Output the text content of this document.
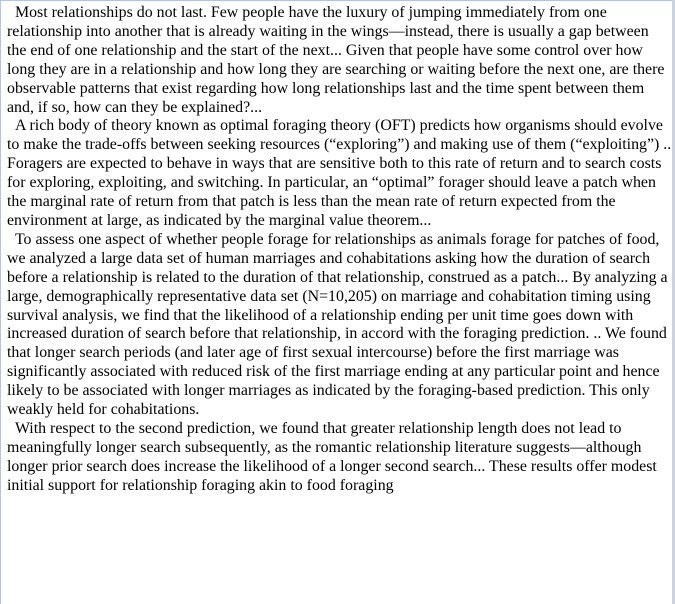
Most relationships do not last. Few people have the luxury of jumping immediately from one relationship into another that is already waiting in the wings—instead, there is usually a gap between the end of one relationship and the start of the next... Given that people have some control over how long they are in a relationship and how long they are searching or waiting before the next one, are there observable patterns that exist regarding how long relationships last and the time spent between them and, if so, how can they be explained?...

A rich body of theory known as optimal foraging theory (OFT) predicts how organisms should evolve to make the trade-offs between seeking resources (“exploring”) and making use of them (“exploiting”) .. Foragers are expected to behave in ways that are sensitive both to this rate of return and to search costs for exploring, exploiting, and switching. In particular, an “optimal” forager should leave a patch when the marginal rate of return from that patch is less than the mean rate of return expected from the environment at large, as indicated by the marginal value theorem...

To assess one aspect of whether people forage for relationships as animals forage for patches of food, we analyzed a large data set of human marriages and cohabitations asking how the duration of search before a relationship is related to the duration of that relationship, construed as a patch... By analyzing a large, demographically representative data set (N=10,205) on marriage and cohabitation timing using survival analysis, we find that the likelihood of a relationship ending per unit time goes down with increased duration of search before that relationship, in accord with the foraging prediction. .. We found that longer search periods (and later age of first sexual intercourse) before the first marriage was significantly associated with reduced risk of the first marriage ending at any particular point and hence likely to be associated with longer marriages as indicated by the foraging-based prediction. This only weakly held for cohabitations.

With respect to the second prediction, we found that greater relationship length does not lead to meaningfully longer search subsequently, as the romantic relationship literature suggests—although longer prior search does increase the likelihood of a longer second search... These results offer modest initial support for relationship foraging akin to food foraging
